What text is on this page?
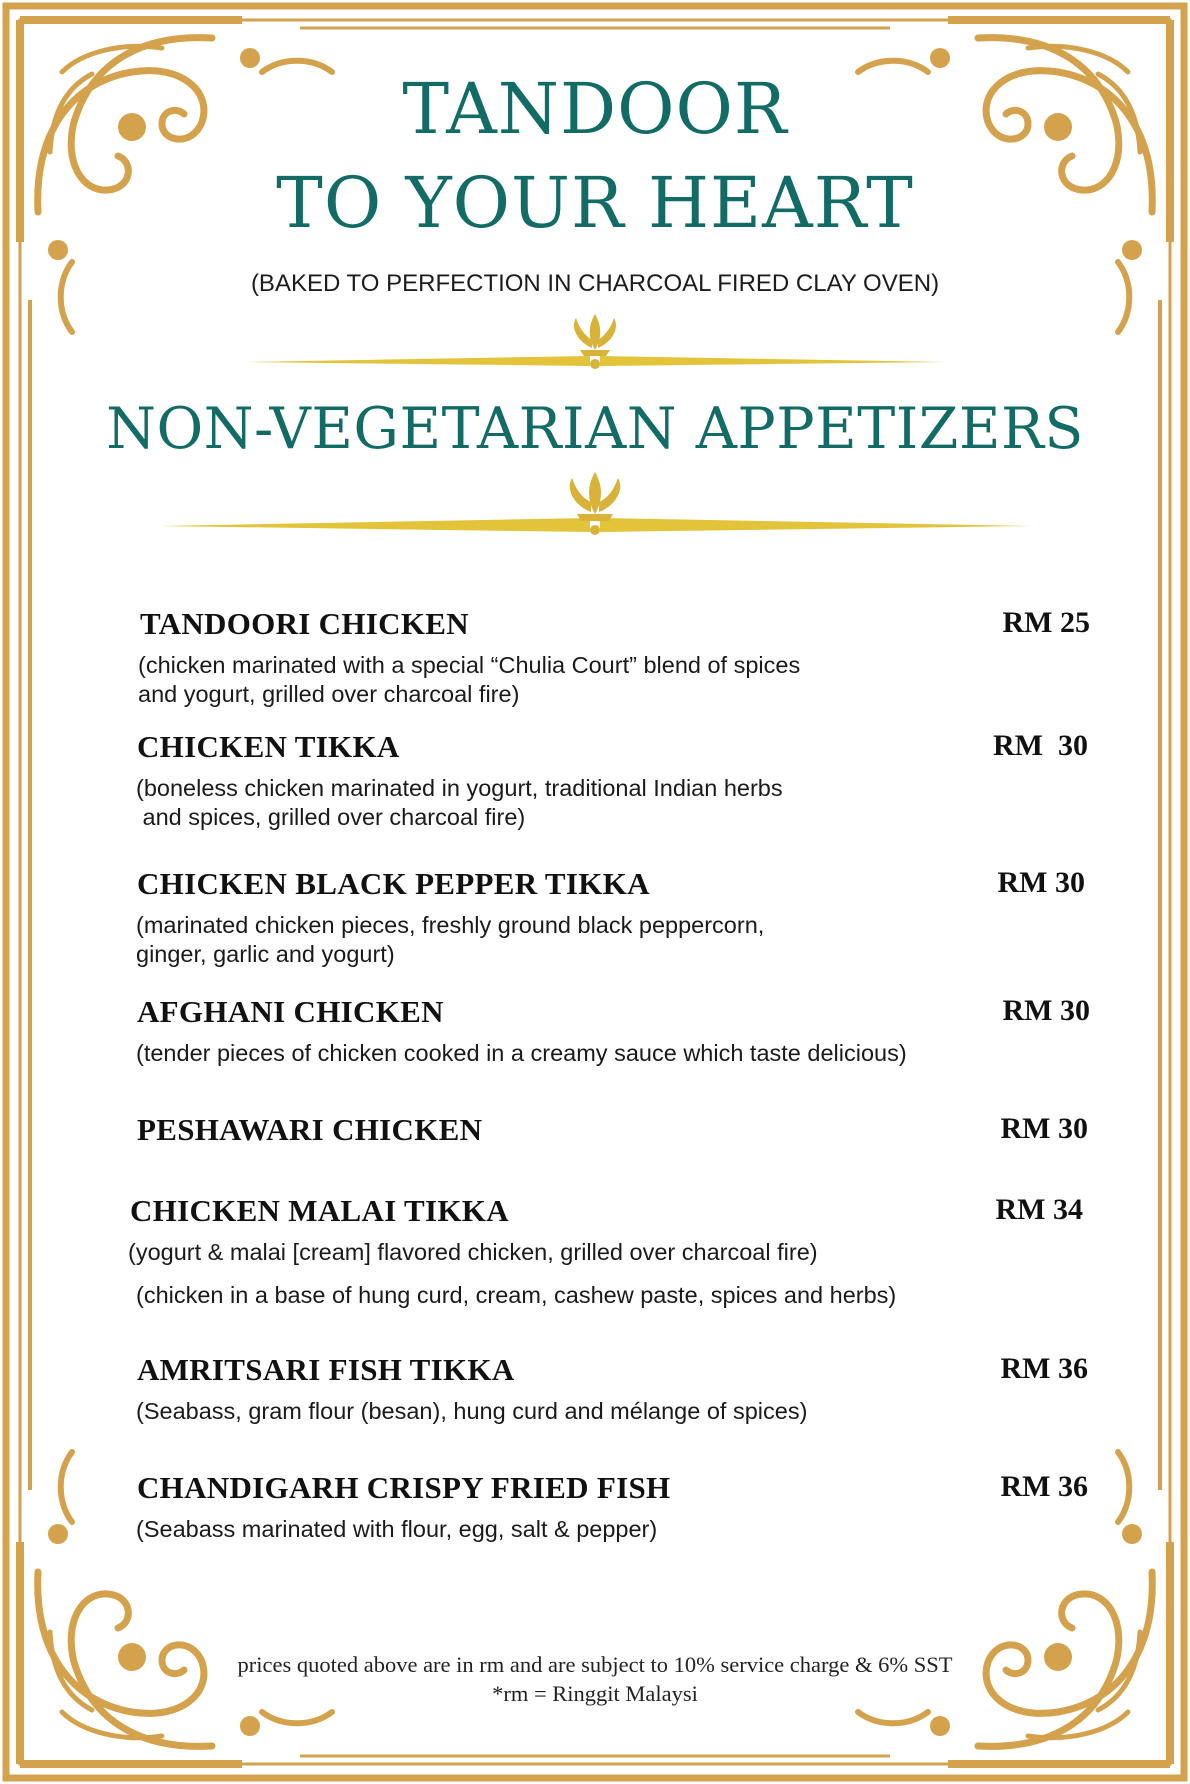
TANDOOR
TO YOUR HEART
(BAKED TO PERFECTION IN CHARCOAL FIRED CLAY OVEN)
NON-VEGETARIAN APPETIZERS
TANDOORI CHICKEN	RM 25
(chicken marinated with a special “Chulia Court” blend of spices
and yogurt, grilled over charcoal fire)
CHICKEN TIKKA	RM  30
(boneless chicken marinated in yogurt, traditional Indian herbs
and spices, grilled over charcoal fire)
CHICKEN BLACK PEPPER TIKKA	RM 30
(marinated chicken pieces, freshly ground black peppercorn,
ginger, garlic and yogurt)
AFGHANI CHICKEN	RM 30
(tender pieces of chicken cooked in a creamy sauce which taste delicious)
PESHAWARI CHICKEN	RM 30
CHICKEN MALAI TIKKA	RM 34
(yogurt & malai [cream] flavored chicken, grilled over charcoal fire)
(chicken in a base of hung curd, cream, cashew paste, spices and herbs)
AMRITSARI FISH TIKKA	RM 36
(Seabass, gram flour (besan), hung curd and mélange of spices)
CHANDIGARH CRISPY FRIED FISH	RM 36
(Seabass marinated with flour, egg, salt & pepper)
prices quoted above are in rm and are subject to 10% service charge & 6% SST
*rm = Ringgit Malaysi
